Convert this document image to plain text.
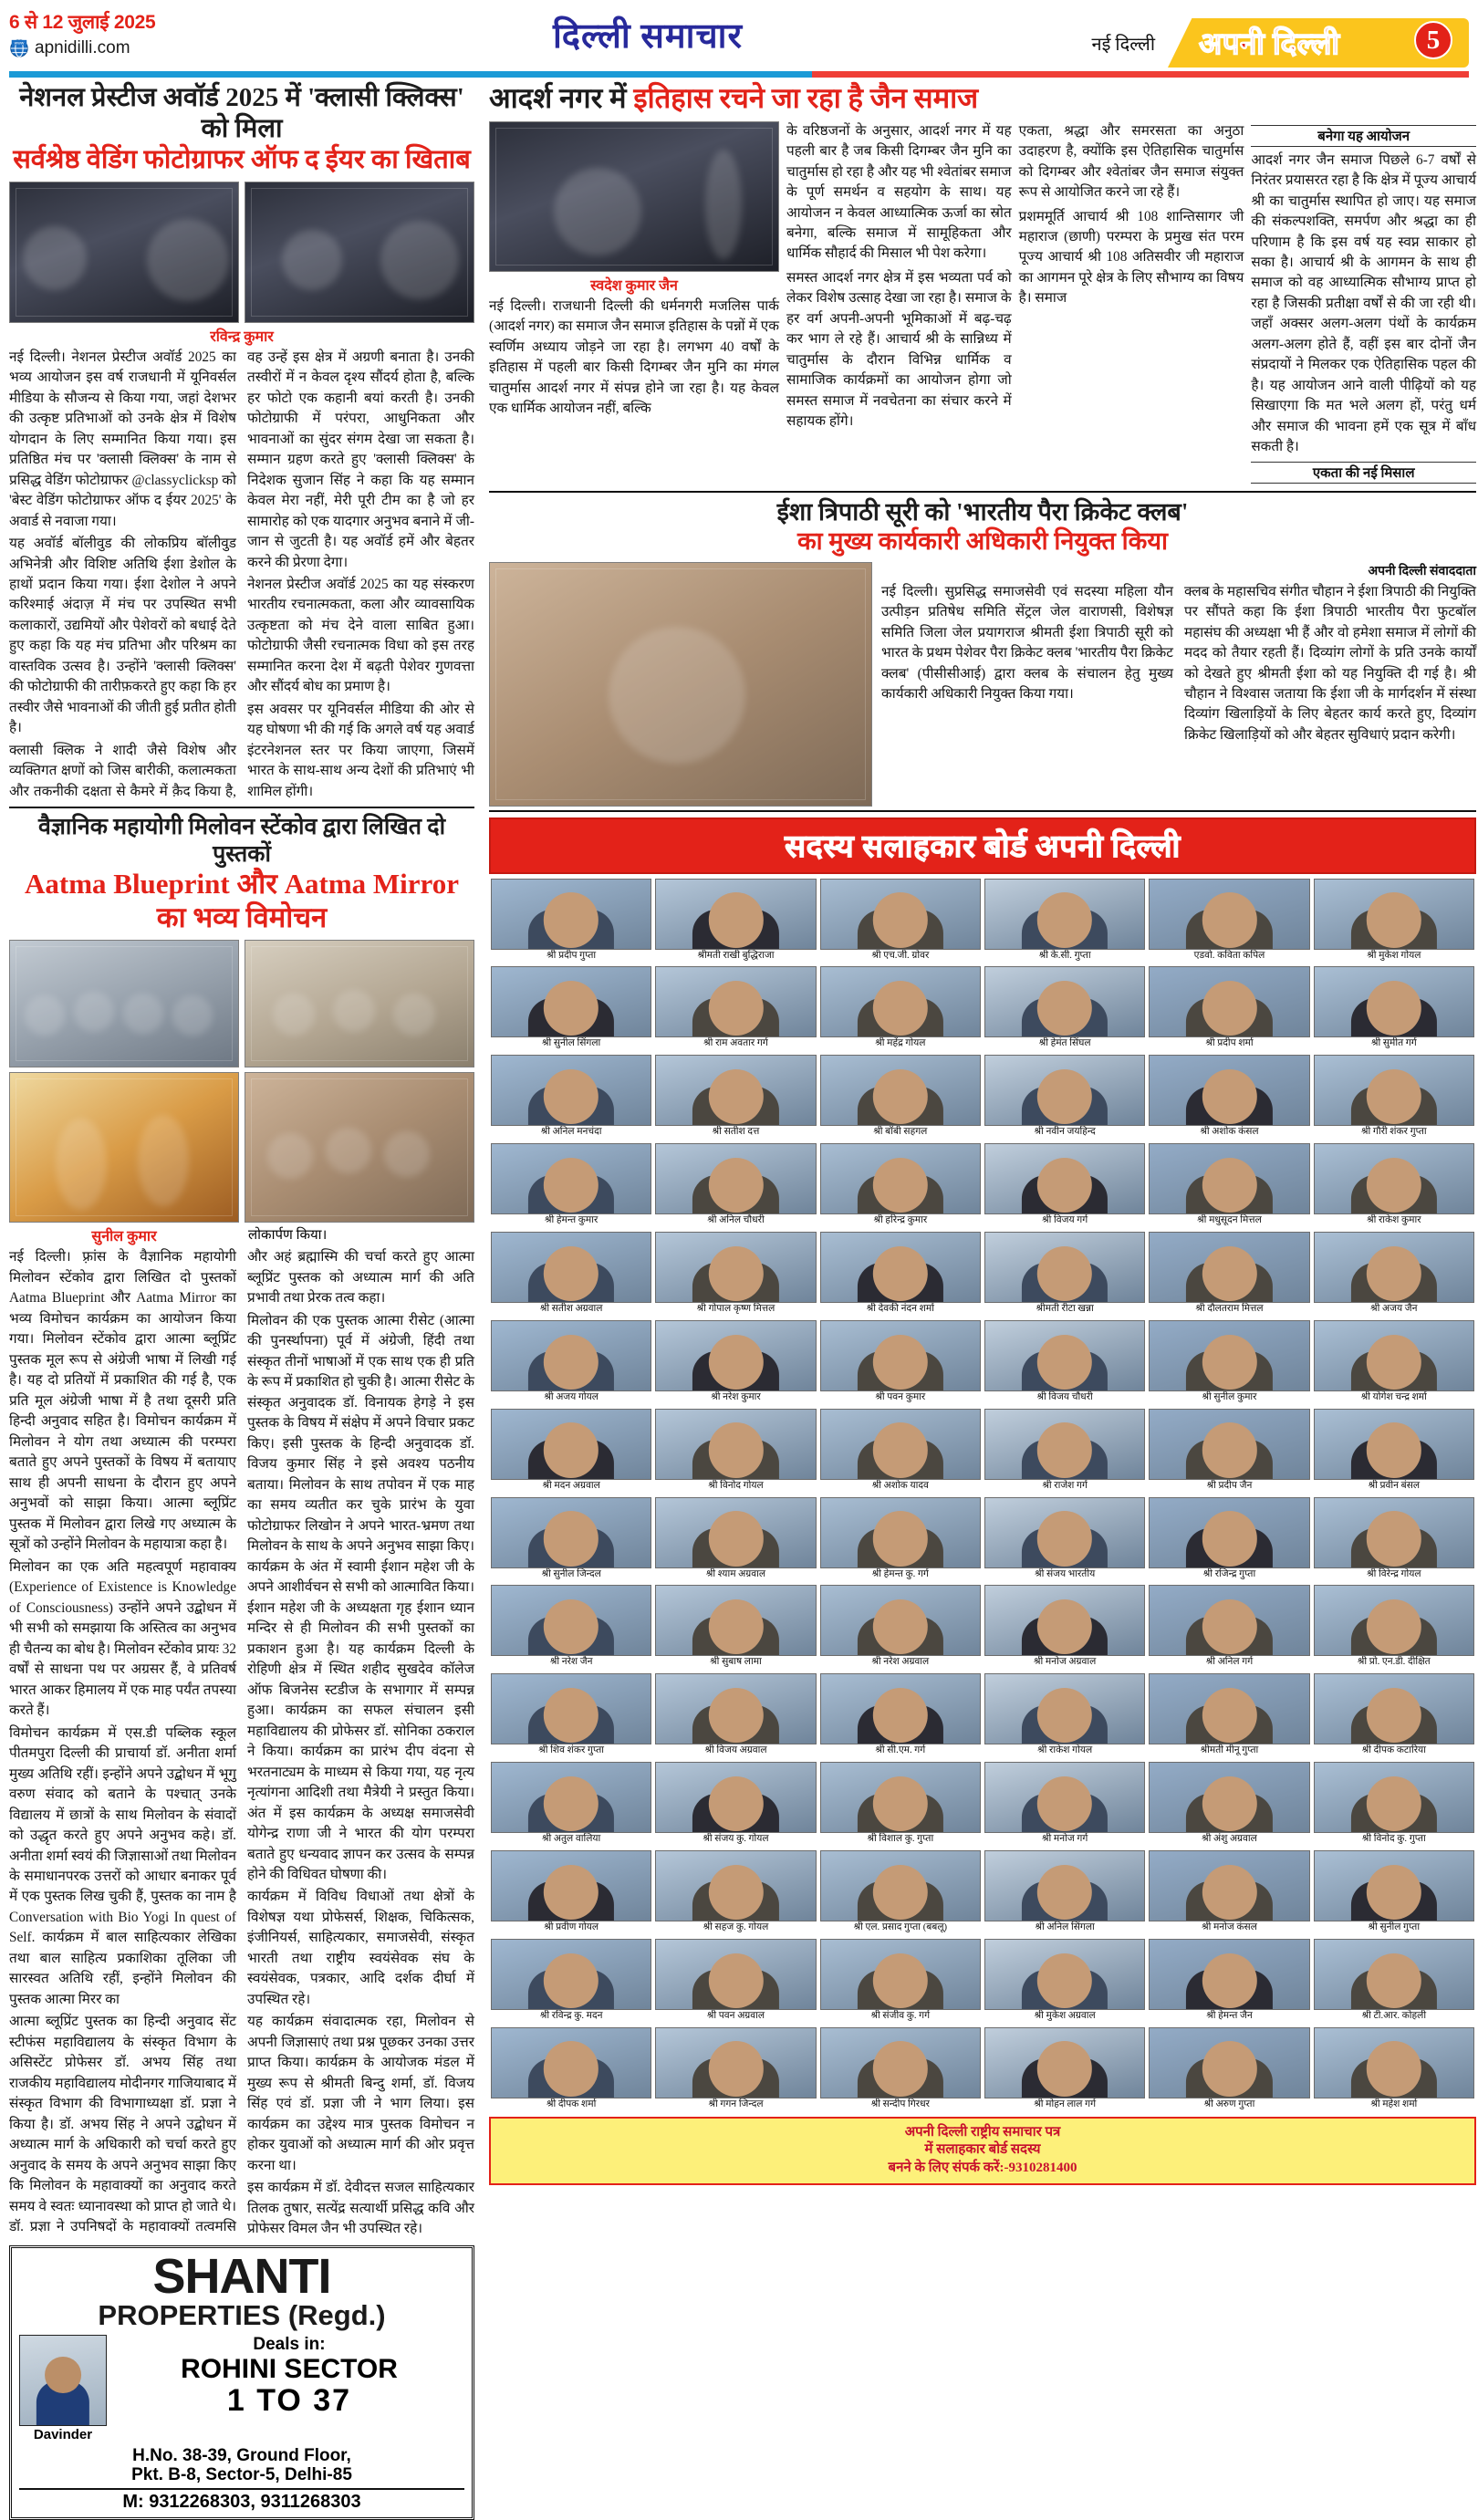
6 से 12 जुलाई 2025
www apnidilli.com	दिल्ली समाचार	नई दिल्ली अपनी दिल्ली	5
नेशनल प्रेस्टीज अवॉर्ड 2025 में 'क्लासी क्लिक्स' को मिला
सर्वश्रेष्ठ वेडिंग फोटोग्राफर ऑफ द ईयर का खिताब
रविन्द्र कुमार

नई दिल्ली। नेशनल प्रेस्टीज अवॉर्ड 2025 का भव्य आयोजन इस वर्ष राजधानी में यूनिवर्सल मीडिया के सौजन्य से किया गया, जहां देशभर की उत्कृष्ट प्रतिभाओं को उनके क्षेत्र में विशेष योगदान के लिए सम्मानित किया गया। इस प्रतिष्ठित मंच पर 'क्लासी क्लिक्स' के नाम से प्रसिद्ध वेडिंग फोटोग्राफर @classyclicksp को 'बेस्ट वेडिंग फोटोग्राफर ऑफ द ईयर 2025' के अवार्ड से नवाजा गया।

यह अवॉर्ड बॉलीवुड की लोकप्रिय बॉलीवुड अभिनेत्री और विशिष्ट अतिथि ईशा डेशोल के हाथों प्रदान किया गया। ईशा देशोल ने अपने करिश्माई अंदाज़ में मंच पर उपस्थित सभी कलाकारों, उद्यमियों और पेशेवरों को बधाई देते हुए कहा कि यह मंच प्रतिभा और परिश्रम का वास्तविक उत्सव है। उन्होंने 'क्लासी क्लिक्स' की फोटोग्राफी की तारीफ़करते हुए कहा कि हर तस्वीर जैसे भावनाओं की जीती हुई प्रतीत होती है।

क्लासी क्लिक ने शादी जैसे विशेष और व्यक्तिगत क्षणों को जिस बारीकी, कलात्मकता और तकनीकी दक्षता से कैमरे में क़ैद किया है, वह उन्हें इस क्षेत्र में अग्रणी बनाता है। उनकी तस्वीरों में न केवल दृश्य सौंदर्य होता है, बल्कि हर फोटो एक कहानी बयां करती है। उनकी फोटोग्राफी में परंपरा, आधुनिकता और भावनाओं का सुंदर संगम देखा जा सकता है। सम्मान ग्रहण करते हुए 'क्लासी क्लिक्स' के निदेशक सुजान सिंह ने कहा कि यह सम्मान केवल मेरा नहीं, मेरी पूरी टीम का है जो हर सामारोह को एक यादगार अनुभव बनाने में जी-जान से जुटती है। यह अवॉर्ड हमें और बेहतर करने की प्रेरणा देगा।

नेशनल प्रेस्टीज अवॉर्ड 2025 का यह संस्करण भारतीय रचनात्मकता, कला और व्यावसायिक उत्कृष्टता को मंच देने वाला साबित हुआ। फोटोग्राफी जैसी रचनात्मक विधा को इस तरह सम्मानित करना देश में बढ़ती पेशेवर गुणवत्ता और सौंदर्य बोध का प्रमाण है।

इस अवसर पर यूनिवर्सल मीडिया की ओर से यह घोषणा भी की गई कि अगले वर्ष यह अवार्ड इंटरनेशनल स्तर पर किया जाएगा, जिसमें भारत के साथ-साथ अन्य देशों की प्रतिभाएं भी शामिल होंगी।

वैज्ञानिक महायोगी मिलोवन स्टेंकोव द्वारा लिखित दो पुस्तकों
Aatma Blueprint और Aatma Mirror का भव्य विमोचन
सुनील कुमार	लोकार्पण किया।

नई दिल्ली। फ़्रांस के वैज्ञानिक महायोगी मिलोवन स्टेंकोव द्वारा लिखित दो पुस्तकों Aatma Blueprint और Aatma Mirror का भव्य विमोचन कार्यक्रम का आयोजन किया गया। मिलोवन स्टेंकोव द्वारा आत्मा ब्लूप्रिंट पुस्तक मूल रूप से अंग्रेजी भाषा में लिखी गई है। यह दो प्रतियों में प्रकाशित की गई है, एक प्रति मूल अंग्रेजी भाषा में है तथा दूसरी प्रति हिन्दी अनुवाद सहित है। विमोचन कार्यक्रम में मिलोवन ने योग तथा अध्यात्म की परम्परा बताते हुए अपने पुस्तकों के विषय में बतायाए साथ ही अपनी साधना के दौरान हुए अपने अनुभवों को साझा किया। आत्मा ब्लूप्रिंट पुस्तक में मिलोवन द्वारा लिखे गए अध्यात्म के सूत्रों को उन्होंने मिलोवन के महायात्रा कहा है।

मिलोवन का एक अति महत्वपूर्ण महावाक्य (Experience of Existence is Knowledge of Consciousness) उन्होंने अपने उद्बोधन में भी सभी को समझाया कि अस्तित्व का अनुभव ही चैतन्य का बोध है। मिलोवन स्टेंकोव प्रायः 32 वर्षों से साधना पथ पर अग्रसर हैं, वे प्रतिवर्ष भारत आकर हिमालय में एक माह पर्यंत तपस्या करते हैं।

विमोचन कार्यक्रम में एस.डी पब्लिक स्कूल पीतमपुरा दिल्ली की प्राचार्या डॉ. अनीता शर्मा मुख्य अतिथि रहीं। इन्होंने अपने उद्बोधन में भूगु वरुण संवाद को बताने के पश्चात् उनके विद्यालय में छात्रों के साथ मिलोवन के संवादों को उद्धृत करते हुए अपने अनुभव कहे। डॉ. अनीता शर्मा स्वयं की जिज्ञासाओं तथा मिलोवन के समाधानपरक उत्तरों को आधार बनाकर पूर्व में एक पुस्तक लिख चुकी हैं, पुस्तक का नाम है Conversation with Bio Yogi In quest of Self. कार्यक्रम में बाल साहित्यकार लेखिका तथा बाल साहित्य प्रकाशिका तूलिका जी सारस्वत अतिथि रहीं, इन्होंने मिलोवन की पुस्तक आत्मा मिरर का

आत्मा ब्लूप्रिंट पुस्तक का हिन्दी अनुवाद सेंट स्टीफंस महाविद्यालय के संस्कृत विभाग के असिस्टेंट प्रोफेसर डॉ. अभय सिंह तथा राजकीय महाविद्यालय मोदीनगर गाजियाबाद में संस्कृत विभाग की विभागाध्यक्षा डॉ. प्रज्ञा ने किया है। डॉ. अभय सिंह ने अपने उद्बोधन में अध्यात्म मार्ग के अधिकारी को चर्चा करते हुए अनुवाद के समय के अपने अनुभव साझा किए कि मिलोवन के महावाक्यों का अनुवाद करते समय वे स्वतः ध्यानावस्था को प्राप्त हो जाते थे। डॉ. प्रज्ञा ने उपनिषदों के महावाक्यों तत्वमसि और अहं ब्रह्मास्मि की चर्चा करते हुए आत्मा ब्लूप्रिंट पुस्तक को अध्यात्म मार्ग की अति प्रभावी तथा प्रेरक तत्व कहा।

मिलोवन की एक पुस्तक आत्मा रीसेट (आत्मा की पुनर्स्थापना) पूर्व में अंग्रेजी, हिंदी तथा संस्कृत तीनों भाषाओं में एक साथ एक ही प्रति के रूप में प्रकाशित हो चुकी है। आत्मा रीसेट के संस्कृत अनुवादक डॉ. विनायक हेगड़े ने इस पुस्तक के विषय में संक्षेप में अपने विचार प्रकट किए। इसी पुस्तक के हिन्दी अनुवादक डॉ. विजय कुमार सिंह ने इसे अवश्य पठनीय बताया। मिलोवन के साथ तपोवन में एक माह का समय व्यतीत कर चुके प्रारंभ के युवा फोटोग्राफर लिखोन ने अपने भारत-भ्रमण तथा मिलोवन के साथ के अपने अनुभव साझा किए। कार्यक्रम के अंत में स्वामी ईशान महेश जी के अपने आशीर्वचन से सभी को आत्मावित किया। ईशान महेश जी के अध्यक्षता गृह ईशान ध्यान मन्दिर से ही मिलोवन की सभी पुस्तकों का प्रकाशन हुआ है। यह कार्यक्रम दिल्ली के रोहिणी क्षेत्र में स्थित शहीद सुखदेव कॉलेज ऑफ बिजनेस स्टडीज के सभागार में सम्पन्न हुआ। कार्यक्रम का सफल संचालन इसी महाविद्यालय की प्रोफेसर डॉ. सोनिका ठकराल ने किया। कार्यक्रम का प्रारंभ दीप वंदना से भरतनाट्यम के माध्यम से किया गया, यह नृत्य नृत्यांगना आदिशी तथा मैत्रेयी ने प्रस्तुत किया। अंत में इस कार्यक्रम के अध्यक्ष समाजसेवी योगेन्द्र राणा जी ने भारत की योग परम्परा बताते हुए धन्यवाद ज्ञापन कर उत्सव के सम्पन्न होने की विधिवत घोषणा की।

कार्यक्रम में विविध विधाओं तथा क्षेत्रों के विशेषज्ञ यथा प्रोफेसर्स, शिक्षक, चिकित्सक, इंजीनियर्स, साहित्यकार, समाजसेवी, संस्कृत भारती तथा राष्ट्रीय स्वयंसेवक संघ के स्वयंसेवक, पत्रकार, आदि दर्शक दीर्घा में उपस्थित रहे।

यह कार्यक्रम संवादात्मक रहा, मिलोवन से अपनी जिज्ञासाएं तथा प्रश्न पूछकर उनका उत्तर प्राप्त किया। कार्यक्रम के आयोजक मंडल में मुख्य रूप से श्रीमती बिन्दु शर्मा, डॉ. विजय सिंह एवं डॉ. प्रज्ञा जी ने भाग लिया। इस कार्यक्रम का उद्देश्य मात्र पुस्तक विमोचन न होकर युवाओं को अध्यात्म मार्ग की ओर प्रवृत्त करना था।

इस कार्यक्रम में डॉ. देवीदत्त सजल साहित्यकार तिलक तुषार, सत्येंद्र सत्यार्थी प्रसिद्ध कवि और प्रोफेसर विमल जैन भी उपस्थित रहे।

SHANTI
PROPERTIES (Regd.)
Davinder
Deals in:
ROHINI SECTOR
1 TO 37
H.No. 38-39, Ground Floor,
Pkt. B-8, Sector-5, Delhi-85
M: 9312268303, 9311268303
आदर्श नगर में इतिहास रचने जा रहा है जैन समाज
स्वदेश कुमार जैन
नई दिल्ली। राजधानी दिल्ली की धर्मनगरी मजलिस पार्क (आदर्श नगर) का समाज जैन समाज इतिहास के पन्नों में एक स्वर्णिम अध्याय जोड़ने जा रहा है। लगभग 40 वर्षों के इतिहास में पहली बार किसी दिगम्बर जैन मुनि का मंगल चातुर्मास आदर्श नगर में संपन्न होने जा रहा है। यह केवल एक धार्मिक आयोजन नहीं, बल्कि
के वरिष्ठजनों के अनुसार, आदर्श नगर में यह पहली बार है जब किसी दिगम्बर जैन मुनि का चातुर्मास हो रहा है और यह भी श्वेतांबर समाज के पूर्ण समर्थन व सहयोग के साथ। यह आयोजन न केवल आध्यात्मिक ऊर्जा का स्रोत बनेगा, बल्कि समाज में सामूहिकता और धार्मिक सौहार्द की मिसाल भी पेश करेगा।
समस्त आदर्श नगर क्षेत्र में इस भव्यता पर्व को लेकर विशेष उत्साह देखा जा रहा है। समाज के हर वर्ग अपनी-अपनी भूमिकाओं में बढ़-चढ़ कर भाग ले रहे हैं। आचार्य श्री के सान्निध्य में चातुर्मास के दौरान विभिन्न धार्मिक व सामाजिक कार्यक्रमों का आयोजन होगा जो समस्त समाज में नवचेतना का संचार करने में सहायक होंगे।
एकता, श्रद्धा और समरसता का अनुठा उदाहरण है, क्योंकि इस ऐतिहासिक चातुर्मास को दिगम्बर और श्वेतांबर जैन समाज संयुक्त रूप से आयोजित करने जा रहे हैं।
प्रशममूर्ति आचार्य श्री 108 शान्तिसागर जी महाराज (छाणी) परम्परा के प्रमुख संत परम पूज्य आचार्य श्री 108 अतिसवीर जी महाराज का आगमन पूरे क्षेत्र के लिए सौभाग्य का विषय है। समाज
बनेगा यह आयोजन
आदर्श नगर जैन समाज पिछले 6-7 वर्षों से निरंतर प्रयासरत रहा है कि क्षेत्र में पूज्य आचार्य श्री का चातुर्मास स्थापित हो जाए। यह समाज की संकल्पशक्ति, समर्पण और श्रद्धा का ही परिणाम है कि इस वर्ष यह स्वप्न साकार हो सका है। आचार्य श्री के आगमन के साथ ही समाज को वह आध्यात्मिक सौभाग्य प्राप्त हो रहा है जिसकी प्रतीक्षा वर्षों से की जा रही थी। जहाँ अक्सर अलग-अलग पंथों के कार्यक्रम अलग-अलग होते हैं, वहीं इस बार दोनों जैन संप्रदायों ने मिलकर एक ऐतिहासिक पहल की है। यह आयोजन आने वाली पीढ़ियों को यह सिखाएगा कि मत भले अलग हों, परंतु धर्म और समाज की भावना हमें एक सूत्र में बाँध सकती है।
एकता की नई मिसाल
ईशा त्रिपाठी सूरी को 'भारतीय पैरा क्रिकेट क्लब'
का मुख्य कार्यकारी अधिकारी नियुक्त किया
अपनी दिल्ली संवाददाता

नई दिल्ली। सुप्रसिद्ध समाजसेवी एवं सदस्या महिला यौन उत्पीड़न प्रतिषेध समिति सेंट्रल जेल वाराणसी, विशेषज्ञ समिति जिला जेल प्रयागराज श्रीमती ईशा त्रिपाठी सूरी को भारत के प्रथम पेशेवर पैरा क्रिकेट क्लब 'भारतीय पैरा क्रिकेट क्लब' (पीसीसीआई) द्वारा क्लब के संचालन हेतु मुख्य कार्यकारी अधिकारी नियुक्त किया गया।

क्लब के महासचिव संगीत चौहान ने ईशा त्रिपाठी की नियुक्ति पर सौंपते कहा कि ईशा त्रिपाठी भारतीय पैरा फुटबॉल महासंघ की अध्यक्षा भी हैं और वो हमेशा समाज में लोगों की मदद को तैयार रहती हैं। दिव्यांग लोगों के प्रति उनके कार्यों को देखते हुए श्रीमती ईशा को यह नियुक्ति दी गई है। श्री चौहान ने विश्वास जताया कि ईशा जी के मार्गदर्शन में संस्था दिव्यांग खिलाड़ियों के लिए बेहतर कार्य करते हुए, दिव्यांग क्रिकेट खिलाड़ियों को और बेहतर सुविधाएं प्रदान करेगी।

सदस्य सलाहकार बोर्ड अपनी दिल्ली
श्री प्रदीप गुप्ता	श्रीमती राखी बुद्धिराजा	श्री एच.जी. ग्रोवर	श्री के.सी. गुप्ता	एडवो. कविता कपिल	श्री मुकेश गोयल
श्री सुनील सिंगला	श्री राम अवतार गर्ग	श्री महेंद्र गोयल	श्री हेमंत सिंघल	श्री प्रदीप शर्मा	श्री सुमीत गर्ग
श्री अनिल मनचंदा	श्री सतीश दत्त	श्री बॉबी सहगल	श्री नवीन जयहिन्द	श्री अशोक कंसल	श्री गौरी शंकर गुप्ता
श्री हेमन्त कुमार	श्री अनिल चौधरी	श्री हरिन्द्र कुमार	श्री विजय गर्ग	श्री मधुसूदन मित्तल	श्री राकेश कुमार
श्री सतीश अग्रवाल	श्री गोपाल कृष्ण मित्तल	श्री देवकी नंदन शर्मा	श्रीमती रीटा खन्ना	श्री दौलतराम मित्तल	श्री अजय जैन
श्री अजय गोयल	श्री नरेश कुमार	श्री पवन कुमार	श्री विजय चौधरी	श्री सुनील कुमार	श्री योगेश चन्द्र शर्मा
श्री मदन अग्रवाल	श्री विनोद गोयल	श्री अशोक यादव	श्री राजेश गर्ग	श्री प्रदीप जैन	श्री प्रवीन बंसल
श्री सुनील जिन्दल	श्री श्याम अग्रवाल	श्री हेमन्त कु. गर्ग	श्री संजय भारतीय	श्री रजिन्द्र गुप्ता	श्री विरेन्द्र गोयल
श्री नरेश जैन	श्री सुबाष लामा	श्री नरेश अग्रवाल	श्री मनोज अग्रवाल	श्री अनिल गर्ग	श्री प्रो. एन.डी. दीक्षित
श्री शिव शंकर गुप्ता	श्री विजय अग्रवाल	श्री सी.एम. गर्ग	श्री राकेश गोयल	श्रीमती मीनू गुप्ता	श्री दीपक कटारिया
श्री अतुल वालिया	श्री संजय कु. गोयल	श्री विशाल कु. गुप्ता	श्री मनोज गर्ग	श्री अंशु अग्रवाल	श्री विनोद कु. गुप्ता
श्री प्रवीण गोयल	श्री सहज कु. गोयल	श्री एल. प्रसाद गुप्ता (बबलू)	श्री अनिल सिंगला	श्री मनोज कंसल	श्री सुनील गुप्ता
श्री रविन्द्र कु. मदन	श्री पवन अग्रवाल	श्री संजीव कु. गर्ग	श्री मुकेश अग्रवाल	श्री हेमन्त जैन	श्री टी.आर. कोहली
श्री दीपक शर्मा	श्री गगन जिन्दल	श्री सन्दीप गिरधर	श्री मोहन लाल गर्ग	श्री अरुण गुप्ता	श्री महेश शर्मा
अपनी दिल्ली राष्ट्रीय समाचार पत्र
में सलाहकार बोर्ड सदस्य
बनने के लिए संपर्क करें:-9310281400
